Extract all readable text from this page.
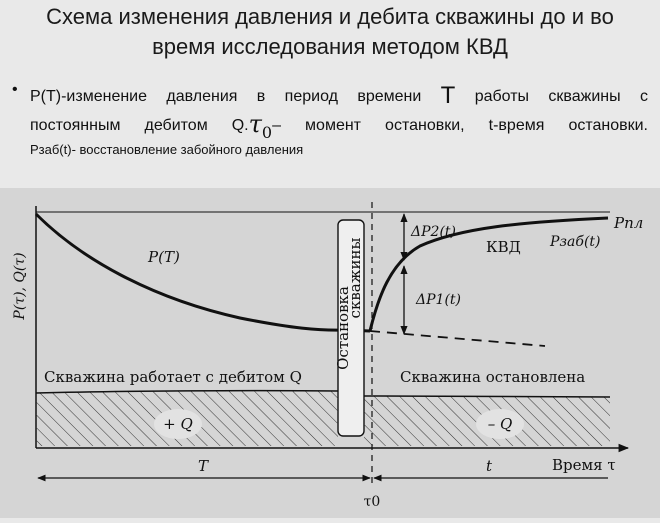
Схема изменения давления и дебита скважины до и во
время исследования методом КВД
• P(T)-изменение давления в период времени T работы скважины с
постоянным дебитом $Q.\tau_0-$ момент остановки, t-время остановки.
Рзаб(t)- восстановление забойного давления
P(τ), Q(τ)	P(T)
ΔP2(t)
ΔP1(t)
КВД Pзаб(t)
Pпл
Остановка
скважины
Скважина работает с дебитом Q	Скважина остановлена
+ Q	– Q
Время τ
T	t
τ0
